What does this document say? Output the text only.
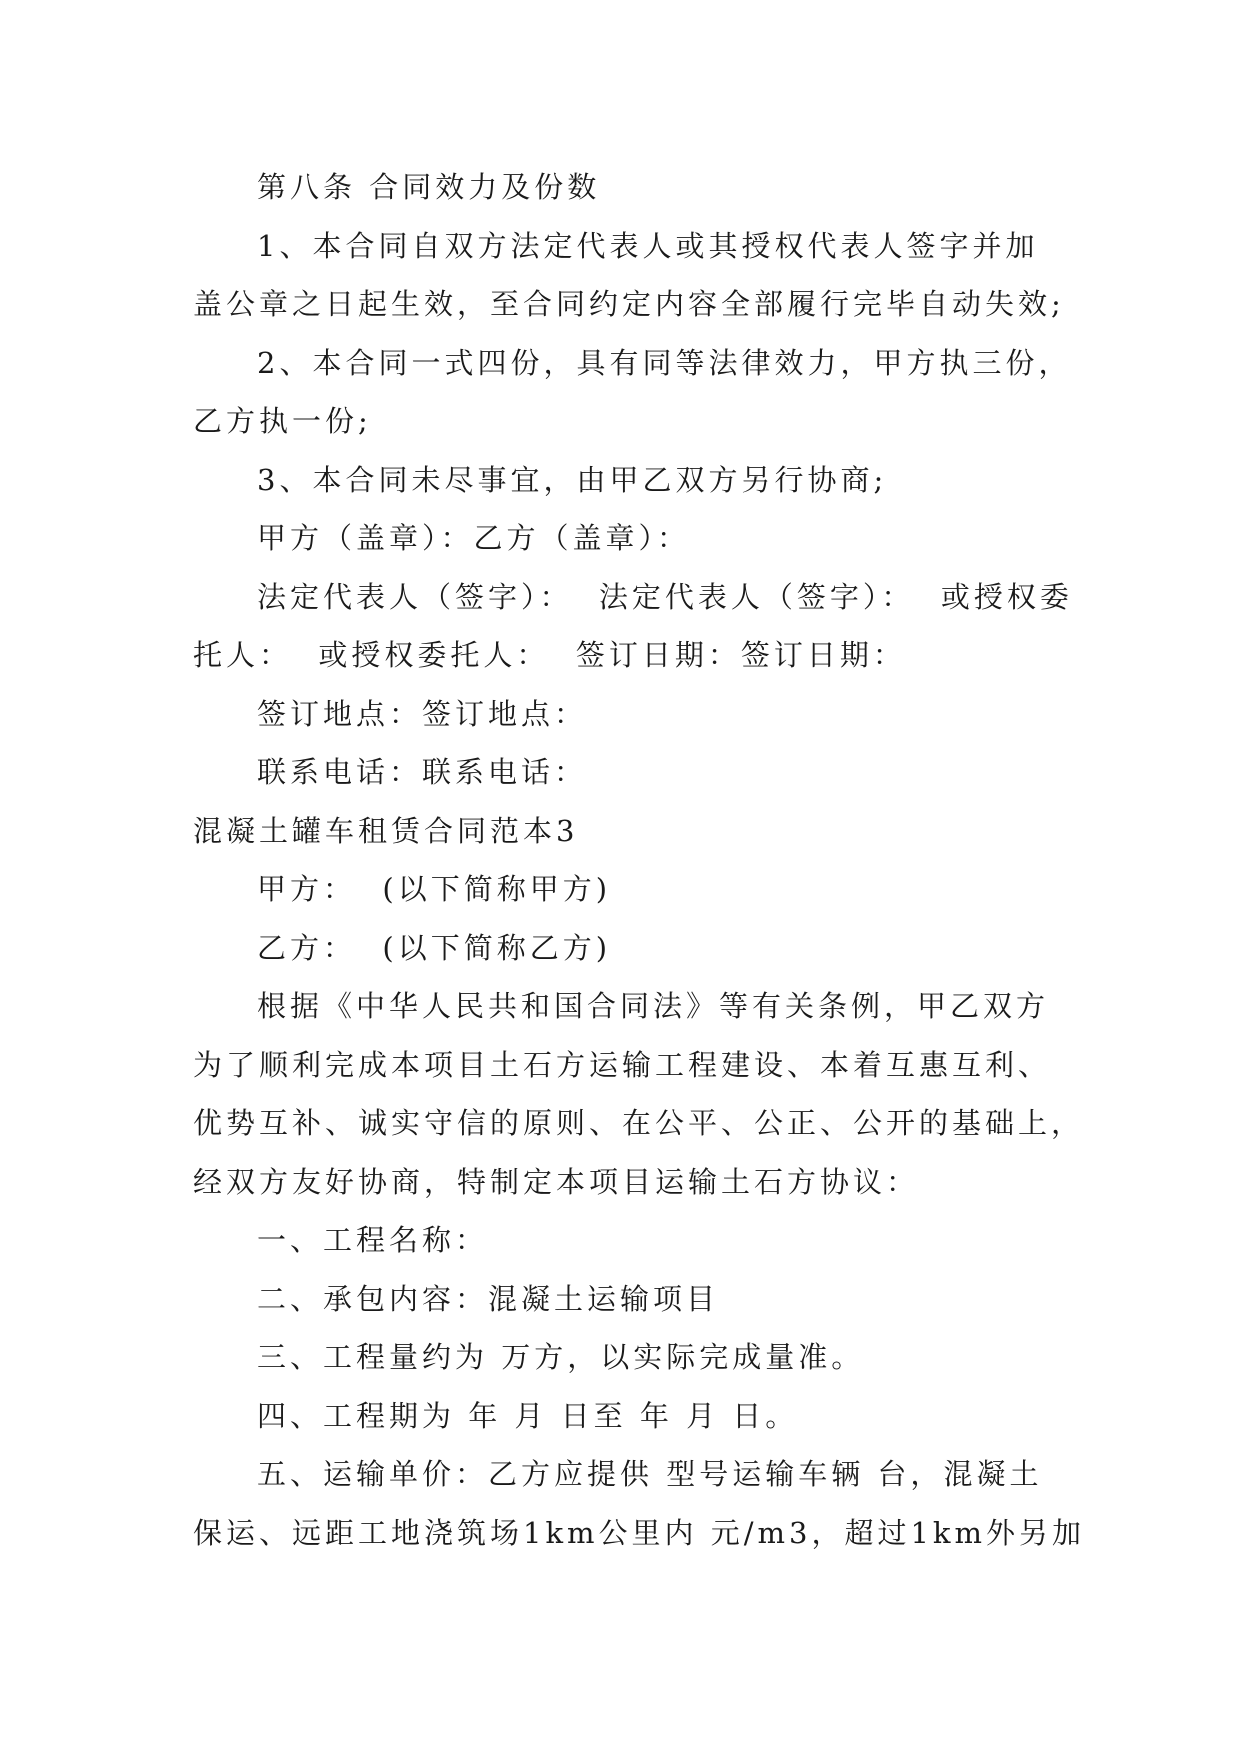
第八条 合同效力及份数
1、本合同自双方法定代表人或其授权代表人签字并加
盖公章之日起生效，至合同约定内容全部履行完毕自动失效;
2、本合同一式四份，具有同等法律效力，甲方执三份，
乙方执一份;
3、本合同未尽事宜，由甲乙双方另行协商;
甲方（盖章）：乙方（盖章）：
法定代表人（签字）：  法定代表人（签字）：  或授权委
托人：  或授权委托人：  签订日期：签订日期：
签订地点：签订地点：
联系电话：联系电话：
混凝土罐车租赁合同范本3
甲方：  (以下简称甲方)
乙方：  (以下简称乙方)
根据《中华人民共和国合同法》等有关条例，甲乙双方
为了顺利完成本项目土石方运输工程建设、本着互惠互利、
优势互补、诚实守信的原则、在公平、公正、公开的基础上，
经双方友好协商，特制定本项目运输土石方协议：
一、工程名称：
二、承包内容：混凝土运输项目
三、工程量约为 万方，以实际完成量准。
四、工程期为 年 月 日至 年 月 日。
五、运输单价：乙方应提供 型号运输车辆 台，混凝土
保运、远距工地浇筑场1km公里内 元/m3，超过1km外另加
